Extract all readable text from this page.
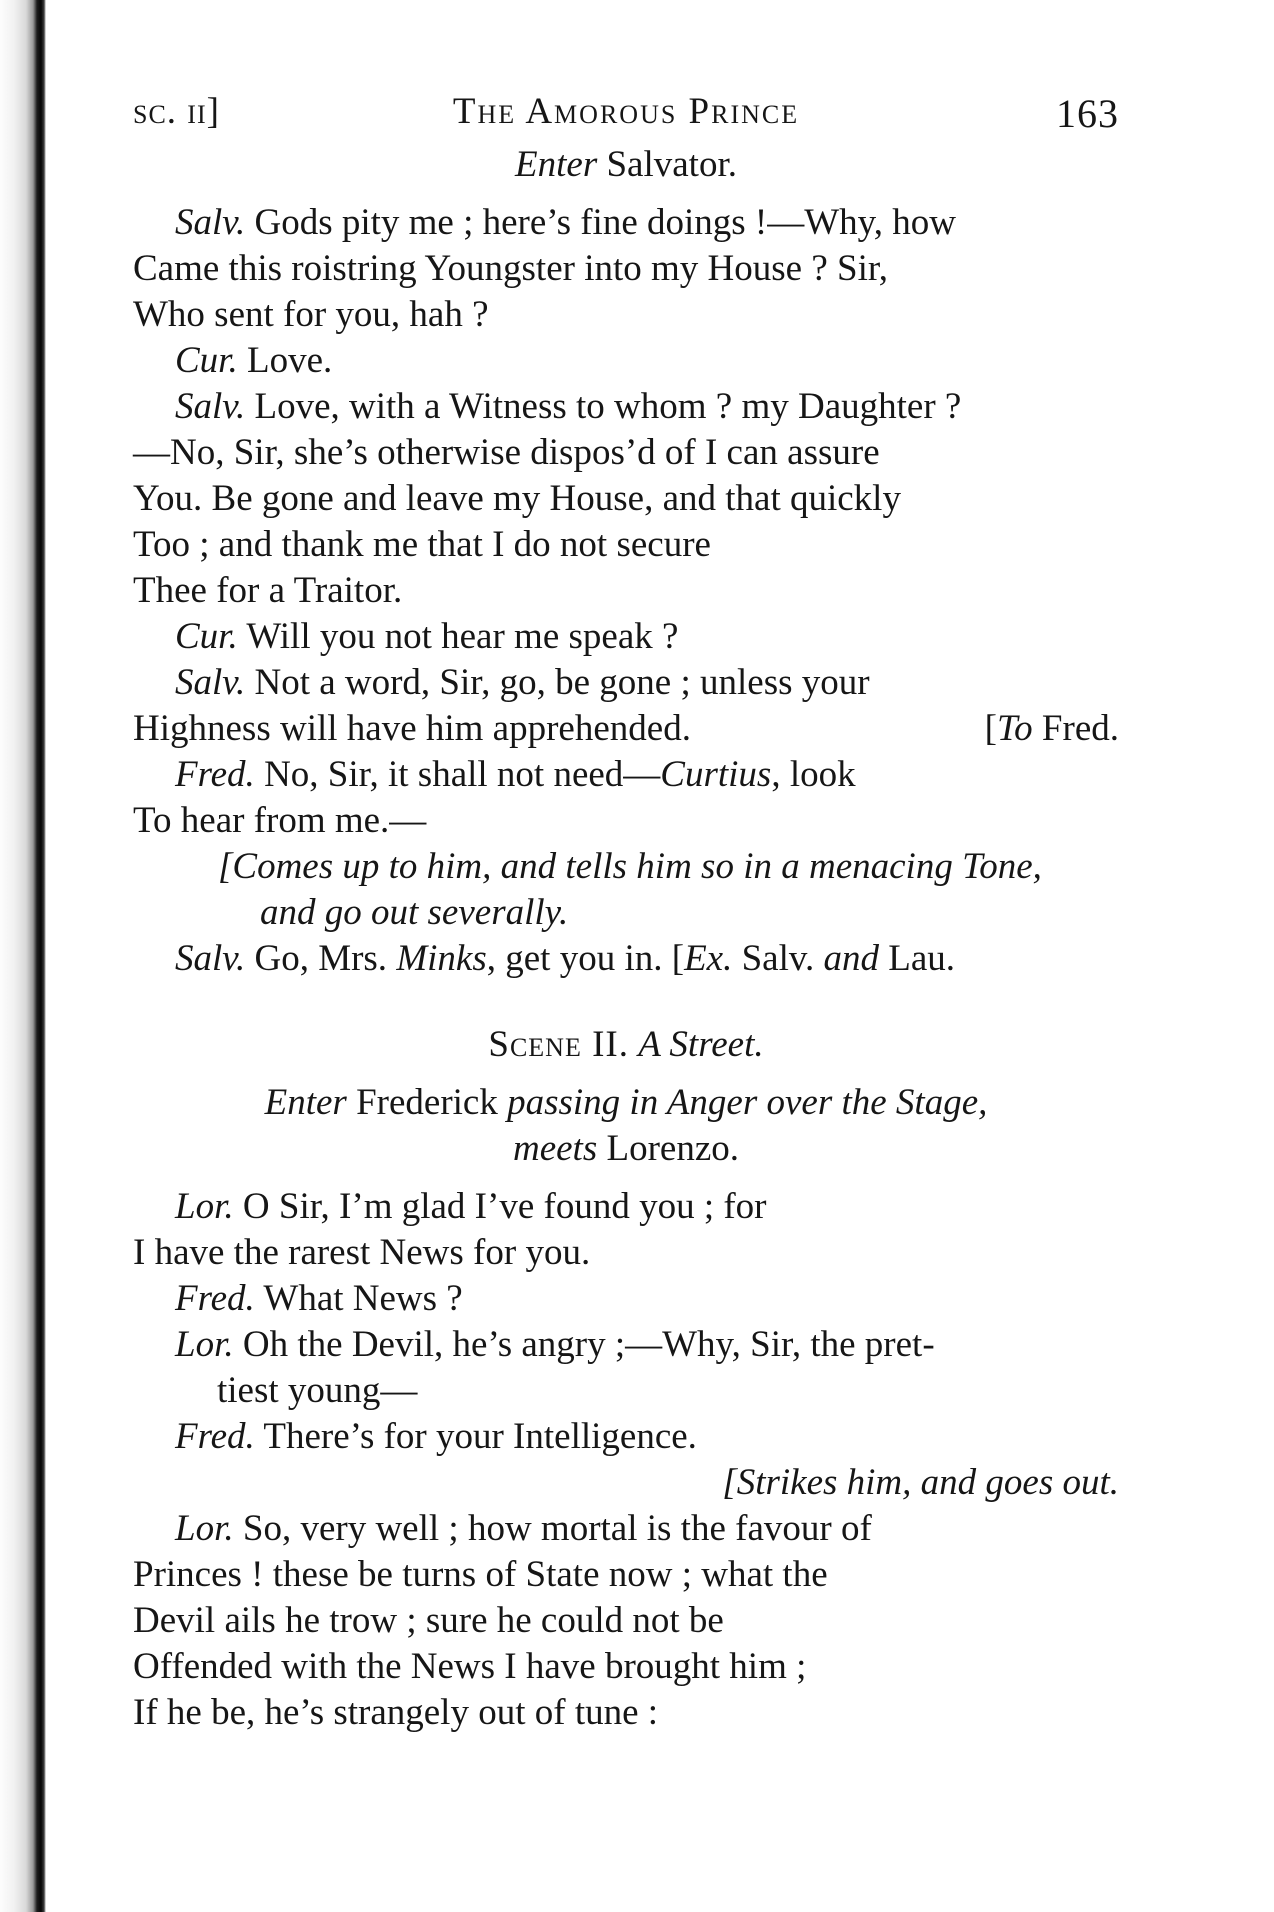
sc. ii]	The Amorous Prince	163

Enter Salvator.

Salv. Gods pity me ; here’s fine doings !—Why, how

Came this roistring Youngster into my House ? Sir,

Who sent for you, hah ?

Cur. Love.

Salv. Love, with a Witness to whom ? my Daughter ?

—No, Sir, she’s otherwise dispos’d of I can assure

You. Be gone and leave my House, and that quickly

Too ; and thank me that I do not secure

Thee for a Traitor.

Cur. Will you not hear me speak ?

Salv. Not a word, Sir, go, be gone ; unless your

Highness will have him apprehended.	[To Fred.

Fred. No, Sir, it shall not need—Curtius, look

To hear from me.—

[Comes up to him, and tells him so in a menacing Tone,

and go out severally.

Salv. Go, Mrs. Minks, get you in. [Ex. Salv. and Lau.

Scene II. A Street.

Enter Frederick passing in Anger over the Stage,

meets Lorenzo.

Lor. O Sir, I’m glad I’ve found you ; for

I have the rarest News for you.

Fred. What News ?

Lor. Oh the Devil, he’s angry ;—Why, Sir, the pret-

tiest young—

Fred. There’s for your Intelligence.

[Strikes him, and goes out.

Lor. So, very well ; how mortal is the favour of

Princes ! these be turns of State now ; what the

Devil ails he trow ; sure he could not be

Offended with the News I have brought him ;

If he be, he’s strangely out of tune :
